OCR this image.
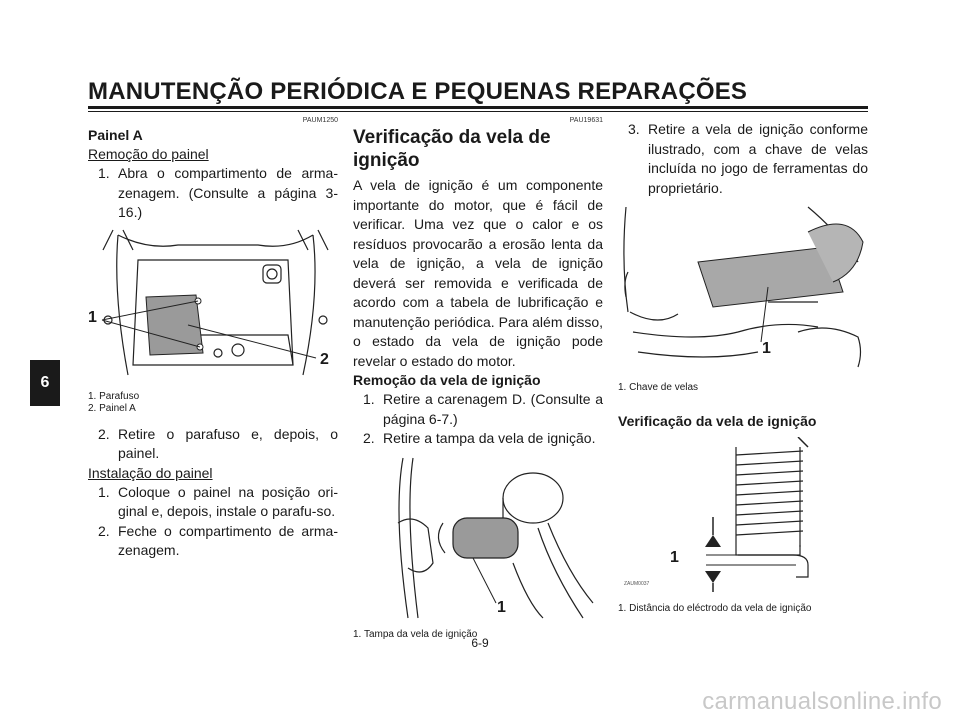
MANUTENÇÃO PERIÓDICA E PEQUENAS REPARAÇÕES
6
PAUM1250
Painel A
Remoção do painel
1. Abra o compartimento de arma-zenagem. (Consulte a página 3-16.)
1
2
1. Parafuso
2. Painel A
2. Retire o parafuso e, depois, o painel.
Instalação do painel
1. Coloque o painel na posição ori-ginal e, depois, instale o parafu-so.
2. Feche o compartimento de arma-zenagem.
PAU19631
Verificação da vela de ignição
A vela de ignição é um componente importante do motor, que é fácil de verificar. Uma vez que o calor e os resíduos provocarão a erosão lenta da vela de ignição, a vela de ignição deverá ser removida e verificada de acordo com a tabela de lubrificação e manutenção periódica. Para além disso, o estado da vela de ignição pode revelar o estado do motor.
Remoção da vela de ignição
1. Retire a carenagem D. (Consulte a página 6-7.)
2. Retire a tampa da vela de ignição.
1
1. Tampa da vela de ignição
3. Retire a vela de ignição conforme ilustrado, com a chave de velas incluída no jogo de ferramentas do proprietário.
1
1. Chave de velas
Verificação da vela de ignição
1
ZAUM0037
1. Distância do eléctrodo da vela de ignição
6-9
carmanualsonline.info
